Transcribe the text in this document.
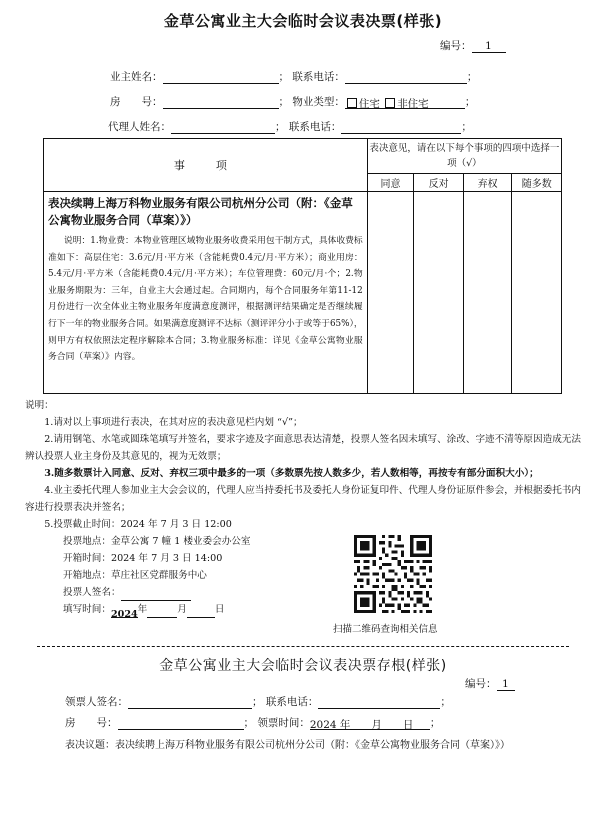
金草公寓业主大会临时会议表决票(样张)
编号： 1
业主姓名：	； 联系电话：	；
房　　号：	； 物业类型： 住宅 非住宅	；
代理人姓名：	； 联系电话：	；
事　项	表决意见，请在以下每个事项的四项中选择一项（√）			
	同意	反对	弃权	随多数

表决续聘上海万科物业服务有限公司杭州分公司（附：《金草公寓物业服务合同（草案）》）
说明：1.物业费：本物业管理区域物业服务收费采用包干制方式，具体收费标准如下：高层住宅：3.6元/月·平方米（含能耗费0.4元/月·平方米）；商业用房：5.4元/月·平方米（含能耗费0.4元/月·平方米）；车位管理费：60元/月·个；2.物业服务期限为：三年，自业主大会通过起。合同期内，每个合同服务年第11-12月份进行一次全体业主物业服务年度满意度测评，根据测评结果确定是否继续履行下一年的物业服务合同。如果满意度测评不达标（测评评分小于或等于65%），则甲方有权依照法定程序解除本合同；3.物业服务标准：详见《金草公寓物业服务合同（草案）》内容。				

说明：

1.请对以上事项进行表决，在其对应的表决意见栏内划 “√”；

2.请用钢笔、水笔或圆珠笔填写并签名，要求字迹及字面意思表达清楚，投票人签名因未填写、涂改、字迹不清等原因造成无法辨认投票人业主身份及其意见的，视为无效票；

3.随多数票计入同意、反对、弃权三项中最多的一项（多数票先按人数多少，若人数相等，再按专有部分面积大小）；

4.业主委托代理人参加业主大会会议的，代理人应当持委托书及委托人身份证复印件、代理人身份证原件参会，并根据委托书内容进行投票表决并签名；

5.投票截止时间：2024 年 7 月 3 日 12:00

投票地点：金草公寓 7 幢 1 楼业委会办公室

开箱时间：2024 年 7 月 3 日 14:00

开箱地点：草庄社区党群服务中心

投票人签名：

填写时间：2024年	月	日

扫描二维码查询相关信息
金草公寓业主大会临时会议表决票存根(样张)
编号： 1
领票人签名：	； 联系电话：	；
房　　号：	； 领票时间：2024 年　　月　　日 ；
表决议题：表决续聘上海万科物业服务有限公司杭州分公司（附：《金草公寓物业服务合同（草案）》）
